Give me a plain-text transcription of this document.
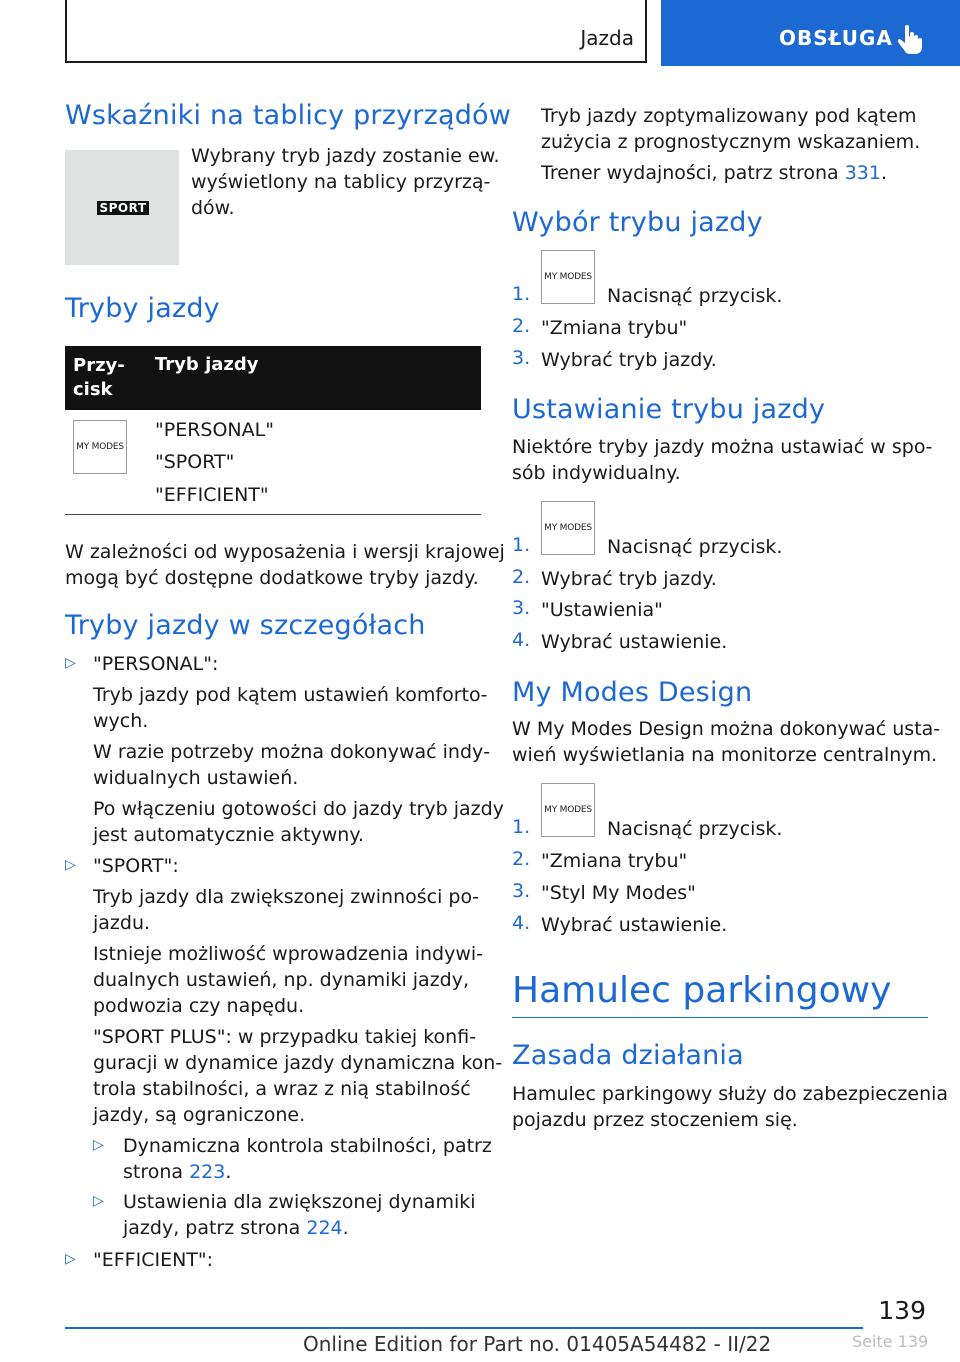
Jazda	OBSŁUGA
Wskaźniki na tablicy przyrządów
SPORT

Wybrany tryb jazdy zostanie ew.

wyświetlony na tablicy przyrzą‐

dów.

Tryby jazdy
Przy‐
cisk
Tryb jazdy
MY MODES

"PERSONAL"

"SPORT"

"EFFICIENT"

W zależności od wyposażenia i wersji krajowej

mogą być dostępne dodatkowe tryby jazdy.

Tryby jazdy w szczegółach
▷ "PERSONAL":

Tryb jazdy pod kątem ustawień komforto‐

wych.

W razie potrzeby można dokonywać indy‐

widualnych ustawień.

Po włączeniu gotowości do jazdy tryb jazdy

jest automatycznie aktywny.

▷ "SPORT":

Tryb jazdy dla zwiększonej zwinności po‐

jazdu.

Istnieje możliwość wprowadzenia indywi‐

dualnych ustawień, np. dynamiki jazdy,

podwozia czy napędu.

"SPORT PLUS": w przypadku takiej konfi‐

guracji w dynamice jazdy dynamiczna kon‐

trola stabilności, a wraz z nią stabilność

jazdy, są ograniczone.

▷ Dynamiczna kontrola stabilności, patrz

strona 223.

▷ Ustawienia dla zwiększonej dynamiki

jazdy, patrz strona 224.

▷ "EFFICIENT":

Tryb jazdy zoptymalizowany pod kątem

zużycia z prognostycznym wskazaniem.

Trener wydajności, patrz strona 331.

Wybór trybu jazdy
1.
MY MODES

Nacisnąć przycisk.

2. "Zmiana trybu"

3. Wybrać tryb jazdy.

Ustawianie trybu jazdy

Niektóre tryby jazdy można ustawiać w spo‐

sób indywidualny.

1.
MY MODES

Nacisnąć przycisk.

2. Wybrać tryb jazdy.

3. "Ustawienia"

4. Wybrać ustawienie.

My Modes Design

W My Modes Design można dokonywać usta‐

wień wyświetlania na monitorze centralnym.

1.
MY MODES

Nacisnąć przycisk.

2. "Zmiana trybu"

3. "Styl My Modes"

4. Wybrać ustawienie.

Hamulec parkingowy
Zasada działania

Hamulec parkingowy służy do zabezpieczenia

pojazdu przez stoczeniem się.

139
Online Edition for Part no. 01405A54482 - II/22	Seite 139
